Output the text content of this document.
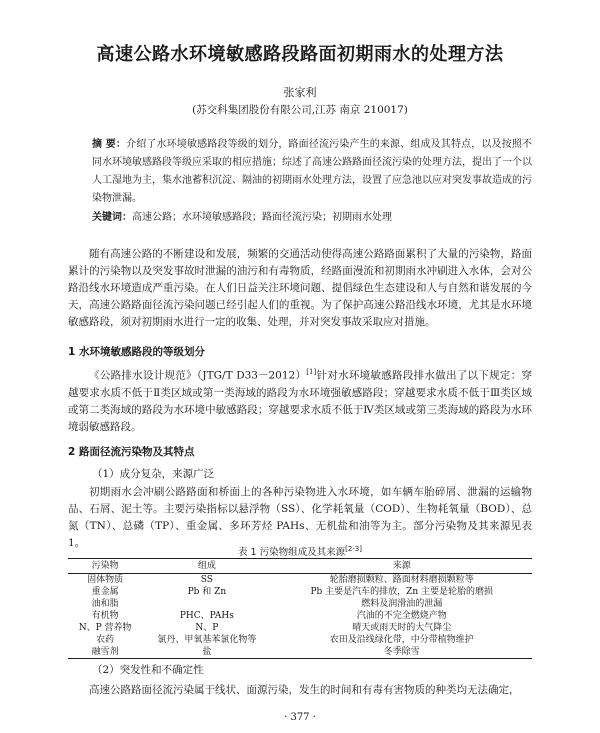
高速公路水环境敏感路段路面初期雨水的处理方法
张家利
(苏交科集团股份有限公司,江苏 南京 210017)
摘 要：介绍了水环境敏感路段等级的划分，路面径流污染产生的来源、组成及其特点，以及按照不同水环境敏感路段等级应采取的相应措施；综述了高速公路路面径流污染的处理方法，提出了一个以人工湿地为主，集水池蓄积沉淀、隔油的初期雨水处理方法，设置了应急池以应对突发事故造成的污染物泄漏。
关键词：高速公路；水环境敏感路段；路面径流污染；初期雨水处理
随有高速公路的不断建设和发展，频繁的交通活动使得高速公路路面累积了大量的污染物，路面累计的污染物以及突发事故时泄漏的油污和有毒物质，经路面漫流和初期雨水冲刷进入水体，会对公路沿线水环境造成严重污染。在人们日益关注环境问题、提倡绿色生态建设和人与自然和谐发展的今天，高速公路路面径流污染问题已经引起人们的重视。为了保护高速公路沿线水环境，尤其是水环境敏感路段，须对初期雨水进行一定的收集、处理，并对突发事故采取应对措施。
1 水环境敏感路段的等级划分
《公路排水设计规范》（JTG/T D33－2012）[1]针对水环境敏感路段排水做出了以下规定：穿越要求水质不低于Ⅱ类区域或第一类海域的路段为水环境强敏感路段；穿越要求水质不低于Ⅲ类区域或第二类海域的路段为水环境中敏感路段；穿越要求水质不低于Ⅳ类区域或第三类海域的路段为水环境弱敏感路段。
2 路面径流污染物及其特点
（1）成分复杂，来源广泛
初期雨水会冲刷公路路面和桥面上的各种污染物进入水环境，如车辆车胎碎屑、泄漏的运输物品、石屑、泥土等。主要污染指标以悬浮物（SS）、化学耗氧量（COD）、生物耗氧量（BOD）、总氮（TN）、总磷（TP）、重金属、多环芳烃 PAHs、无机盐和油等为主。部分污染物及其来源见表 1。
表 1 污染物组成及其来源[2-3]
污染物	组成	来源
固体物质	SS	轮胎磨损颗粒、路面材料磨损颗粒等
重金属	Pb 和 Zn	Pb 主要是汽车的排放，Zn 主要是轮胎的磨损
油和脂		燃料及润滑油的泄漏
有机物	PHC、PAHs	汽油的不完全燃烧产物
N、P 营养物	N、P	晴天或雨天时的大气降尘
农药	氯丹、甲氧基苯氯化物等	农田及沿线绿化带，中分带植物维护
融雪剂	盐	冬季除雪
（2）突发性和不确定性
高速公路路面径流污染属于线状、面源污染，发生的时间和有毒有害物质的种类均无法确定，
· 377 ·
